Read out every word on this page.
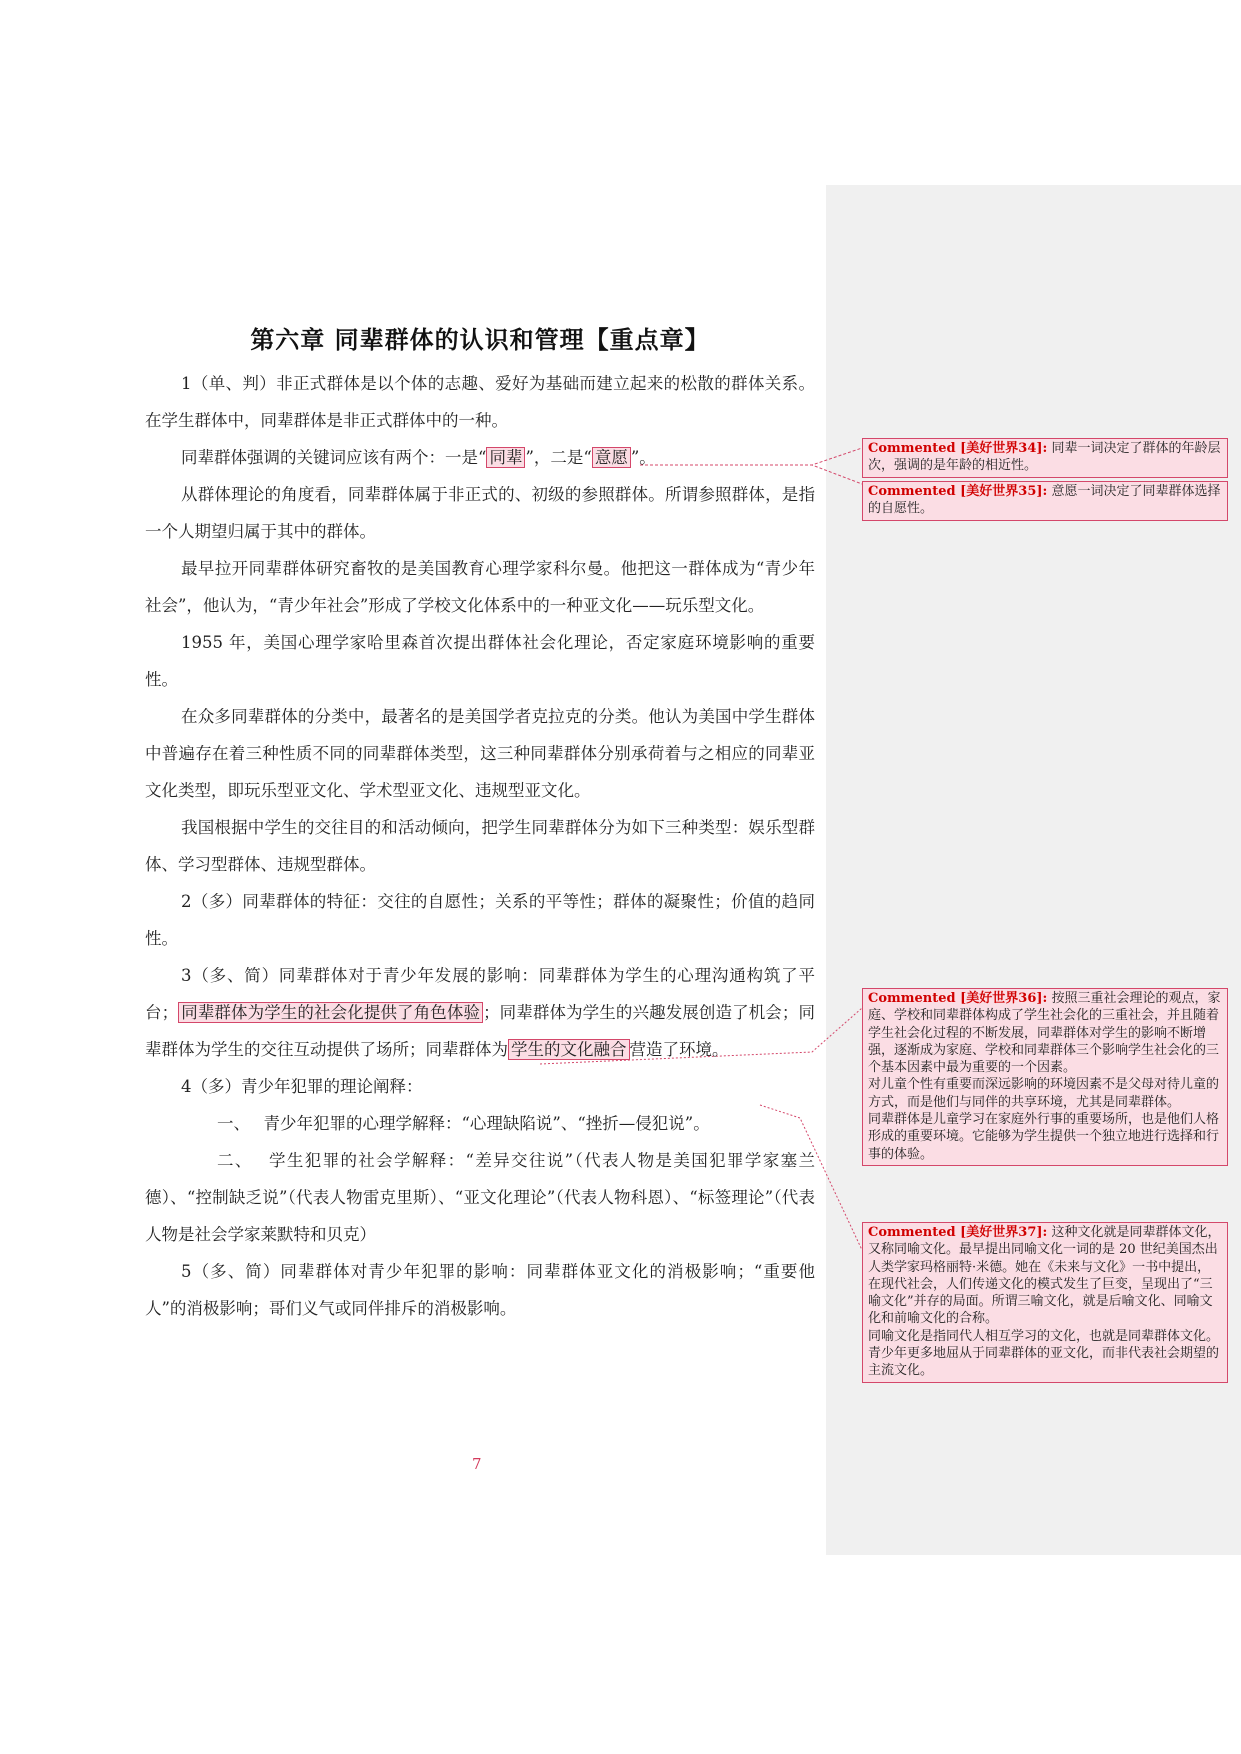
第六章 同辈群体的认识和管理【重点章】

1（单、判）非正式群体是以个体的志趣、爱好为基础而建立起来的松散的群体关系。在学生群体中，同辈群体是非正式群体中的一种。

同辈群体强调的关键词应该有两个：一是“ 同辈 ”，二是“ 意愿 ”。

从群体理论的角度看，同辈群体属于非正式的、初级的参照群体。所谓参照群体，是指一个人期望归属于其中的群体。

最早拉开同辈群体研究畜牧的是美国教育心理学家科尔曼。他把这一群体成为“青少年社会”，他认为，“青少年社会”形成了学校文化体系中的一种亚文化——玩乐型文化。

1955 年，美国心理学家哈里森首次提出群体社会化理论，否定家庭环境影响的重要性。

在众多同辈群体的分类中，最著名的是美国学者克拉克的分类。他认为美国中学生群体中普遍存在着三种性质不同的同辈群体类型，这三种同辈群体分别承荷着与之相应的同辈亚文化类型，即玩乐型亚文化、学术型亚文化、违规型亚文化。

我国根据中学生的交往目的和活动倾向，把学生同辈群体分为如下三种类型：娱乐型群体、学习型群体、违规型群体。

2（多）同辈群体的特征：交往的自愿性；关系的平等性；群体的凝聚性；价值的趋同性。

3（多、简）同辈群体对于青少年发展的影响：同辈群体为学生的心理沟通构筑了平台； 同辈群体为学生的社会化提供了角色体验 ；同辈群体为学生的兴趣发展创造了机会；同辈群体为学生的交往互动提供了场所；同辈群体为 学生的文化融合 营造了环境。

4（多）青少年犯罪的理论阐释：

一、　 青少年犯罪的心理学解释：“心理缺陷说”、“挫折—侵犯说”。

二、　 学生犯罪的社会学解释：“差异交往说”（代表人物是美国犯罪学家塞兰德）、“控制缺乏说”（代表人物雷克里斯）、“亚文化理论”（代表人物科恩）、“标签理论”（代表人物是社会学家莱默特和贝克）

5（多、简）同辈群体对青少年犯罪的影响：同辈群体亚文化的消极影响；“重要他人”的消极影响；哥们义气或同伴排斥的消极影响。

7
Commented [美好世界34]: 同辈一词决定了群体的年龄层次，强调的是年龄的相近性。
Commented [美好世界35]: 意愿一词决定了同辈群体选择的自愿性。
Commented [美好世界36]: 按照三重社会理论的观点，家庭、学校和同辈群体构成了学生社会化的三重社会，并且随着学生社会化过程的不断发展，同辈群体对学生的影响不断增强，逐渐成为家庭、学校和同辈群体三个影响学生社会化的三个基本因素中最为重要的一个因素。
对儿童个性有重要而深远影响的环境因素不是父母对待儿童的方式，而是他们与同伴的共享环境，尤其是同辈群体。
同辈群体是儿童学习在家庭外行事的重要场所，也是他们人格形成的重要环境。它能够为学生提供一个独立地进行选择和行事的体验。
Commented [美好世界37]: 这种文化就是同辈群体文化，又称同喻文化。最早提出同喻文化一词的是 20 世纪美国杰出人类学家玛格丽特·米德。她在《未来与文化》一书中提出，在现代社会，人们传递文化的模式发生了巨变，呈现出了“三喻文化”并存的局面。所谓三喻文化，就是后喻文化、同喻文化和前喻文化的合称。
同喻文化是指同代人相互学习的文化，也就是同辈群体文化。
青少年更多地屈从于同辈群体的亚文化，而非代表社会期望的主流文化。
